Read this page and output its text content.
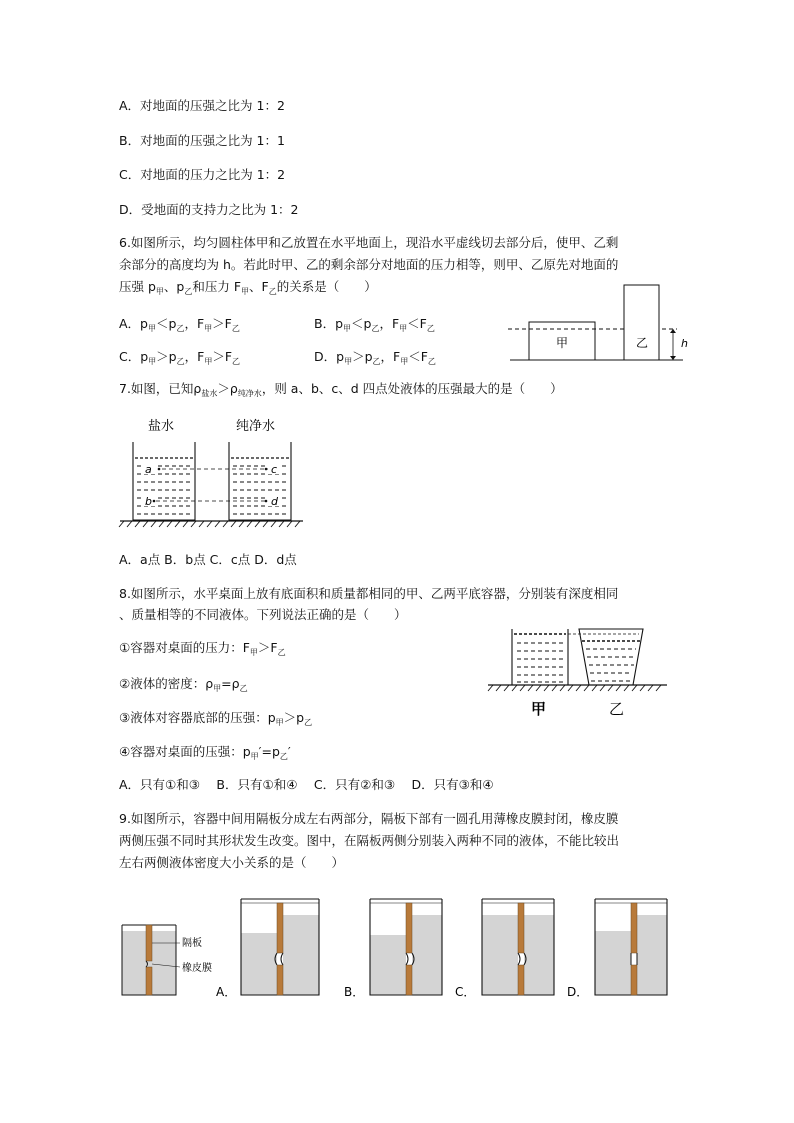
A．对地面的压强之比为 1：2
B．对地面的压强之比为 1：1
C．对地面的压力之比为 1：2
D．受地面的支持力之比为 1：2
6.如图所示，均匀圆柱体甲和乙放置在水平地面上，现沿水平虚线切去部分后，使甲、乙剩
余部分的高度均为 h。若此时甲、乙的剩余部分对地面的压力相等，则甲、乙原先对地面的
压强 $p_甲$、$p_乙$和压力 $F_甲$、$F_乙$的关系是（　　）
A．$p_甲<p_乙$，$F_甲>F_乙$	B．$p_甲<p_乙$，$F_甲<F_乙$
C．$p_甲>p_乙$，$F_甲>F_乙$	D．$p_甲>p_乙$，$F_甲<F_乙$
甲	乙	h
7.如图，已知$\rho_{盐水}>\rho_{纯净水}$，则 a、b、c、d 四点处液体的压强最大的是（　　）
盐水	纯净水
a
b
c
d
A．a点 B．b点 C．c点 D．d点
8.如图所示，水平桌面上放有底面积和质量都相同的甲、乙两平底容器，分别装有深度相同
、质量相等的不同液体。下列说法正确的是（　　）
①容器对桌面的压力：$F_甲>F_乙$
②液体的密度：$\rho_甲=\rho_乙$
③液体对容器底部的压强：$p_甲>p_乙$
④容器对桌面的压强：$p_甲'=p_乙'$
甲	乙
A．只有①和③　 B．只有①和④　 C．只有②和③　 D．只有③和④
9.如图所示，容器中间用隔板分成左右两部分，隔板下部有一圆孔用薄橡皮膜封闭，橡皮膜
两侧压强不同时其形状发生改变。图中，在隔板两侧分别装入两种不同的液体，不能比较出
左右两侧液体密度大小关系的是（　　）
隔板
橡皮膜
A．	B．	C．	D．
